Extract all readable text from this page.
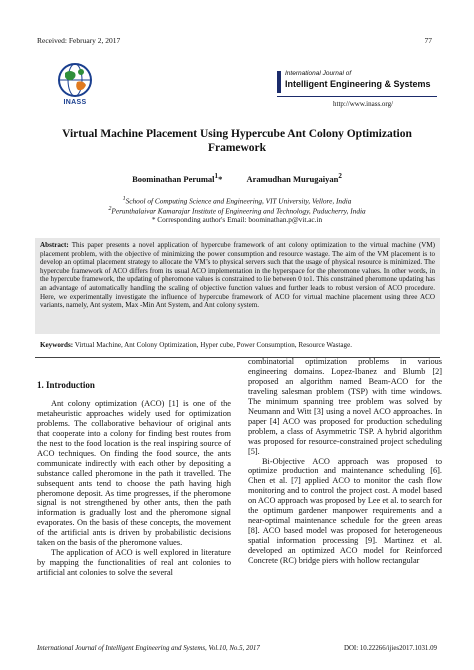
Received: February 2, 2017	77
INASS
International Journal of
Intelligent Engineering & Systems
http://www.inass.org/
Virtual Machine Placement Using Hypercube Ant Colony Optimization
Framework
Boominathan Perumal$^1$*	Aramudhan Murugaiyan$^2$
$^1$School of Computing Science and Engineering, VIT University, Vellore, India
$^2$Perunthalaivar Kamarajar Institute of Engineering and Technology, Puducherry, India
* Corresponding author's Email: boominathan.p@vit.ac.in
Abstract: This paper presents a novel application of hypercube framework of ant colony optimization to the virtual machine (VM) placement problem, with the objective of minimizing the power consumption and resource wastage. The aim of the VM placement is to develop an optimal placement strategy to allocate the VM’s to physical servers such that the usage of physical resource is minimized. The hypercube framework of ACO differs from its usual ACO implementation in the hyperspace for the pheromone values. In other words, in the hypercube framework, the updating of pheromone values is constrained to lie between 0 to1. This constrained pheromone updating has an advantage of automatically handling the scaling of objective function values and further leads to robust version of ACO procedure. Here, we experimentally investigate the influence of hypercube framework of ACO for virtual machine placement using three ACO variants, namely, Ant system, Max -Min Ant System, and Ant colony system.
Keywords: Virtual Machine, Ant Colony Optimization, Hyper cube, Power Consumption, Resource Wastage.
1. Introduction

Ant colony optimization (ACO) [1] is one of the metaheuristic approaches widely used for optimization problems. The collaborative behaviour of original ants that cooperate into a colony for finding best routes from the nest to the food location is the real inspiring source of ACO techniques. On finding the food source, the ants communicate indirectly with each other by depositing a substance called pheromone in the path it travelled. The subsequent ants tend to choose the path having high pheromone deposit. As time progresses, if the pheromone signal is not strengthened by other ants, then the path information is gradually lost and the pheromone signal evaporates. On the basis of these concepts, the movement of the artificial ants is driven by probabilistic decisions taken on the basis of the pheromone values.

The application of ACO is well explored in literature by mapping the functionalities of real ant colonies to artificial ant colonies to solve the several

combinatorial optimization problems in various engineering domains. Lopez-Ibanez and Blumb [2] proposed an algorithm named Beam-ACO for the traveling salesman problem (TSP) with time windows. The minimum spanning tree problem was solved by Neumann and Witt [3] using a novel ACO approaches. In paper [4] ACO was proposed for production scheduling problem, a class of Asymmetric TSP. A hybrid algorithm was proposed for resource-constrained project scheduling [5].

Bi-Objective ACO approach was proposed to optimize production and maintenance scheduling [6]. Chen et al. [7] applied ACO to monitor the cash flow monitoring and to control the project cost. A model based on ACO approach was proposed by Lee et al. to search for the optimum gardener manpower requirements and a near-optimal maintenance schedule for the green areas [8]. ACO based model was proposed for heterogeneous spatial information processing [9]. Martinez et al. developed an optimized ACO model for Reinforced Concrete (RC) bridge piers with hollow rectangular

International Journal of Intelligent Engineering and Systems, Vol.10, No.5, 2017	DOI: 10.22266/ijies2017.1031.09
